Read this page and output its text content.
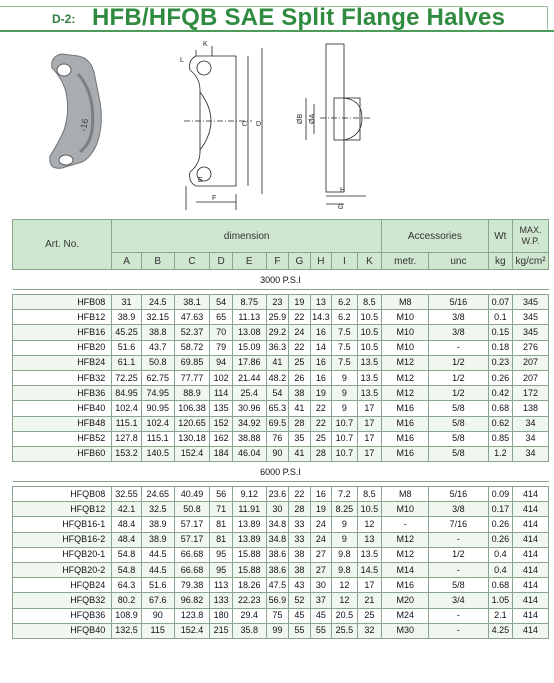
D-2: HFB/HFQB SAE Split Flange Halves
-16
K
L
C D
E
F
ØB ØA
H
G
Art. No.	dimension										Accessories		Wt	MAX. W.P.
	A	B	C	D	E	F	G	H	I	K	metr.	unc	kg	kg/cm²
3000 P.S.I														

HFB08	31	24.5	38.1	54	8.75	23	19	13	6.2	8.5	M8	5/16	0.07	345
HFB12	38.9	32.15	47.63	65	11.13	25.9	22	14.3	6.2	10.5	M10	3/8	0.1	345
HFB16	45.25	38.8	52.37	70	13.08	29.2	24	16	7.5	10.5	M10	3/8	0.15	345
HFB20	51.6	43.7	58.72	79	15.09	36.3	22	14	7.5	10.5	M10	-	0.18	276
HFB24	61.1	50.8	69.85	94	17.86	41	25	16	7.5	13.5	M12	1/2	0.23	207
HFB32	72.25	62.75	77.77	102	21.44	48.2	26	16	9	13.5	M12	1/2	0.26	207
HFB36	84.95	74.95	88.9	114	25.4	54	38	19	9	13.5	M12	1/2	0.42	172
HFB40	102.4	90.95	106.38	135	30.96	65.3	41	22	9	17	M16	5/8	0.68	138
HFB48	115.1	102.4	120.65	152	34.92	69.5	28	22	10.7	17	M16	5/8	0.62	34
HFB52	127.8	115.1	130.18	162	38.88	76	35	25	10.7	17	M16	5/8	0.85	34
HFB60	153.2	140.5	152.4	184	46.04	90	41	28	10.7	17	M16	5/8	1.2	34
6000 P.S.I														

HFQB08	32.55	24.65	40.49	56	9.12	23.6	22	16	7.2	8.5	M8	5/16	0.09	414
HFQB12	42.1	32.5	50.8	71	11.91	30	28	19	8.25	10.5	M10	3/8	0.17	414
HFQB16-1	48.4	38.9	57.17	81	13.89	34.8	33	24	9	12	-	7/16	0.26	414
HFQB16-2	48.4	38.9	57.17	81	13.89	34.8	33	24	9	13	M12	-	0.26	414
HFQB20-1	54.8	44.5	66.68	95	15.88	38.6	38	27	9.8	13.5	M12	1/2	0.4	414
HFQB20-2	54.8	44.5	66.68	95	15.88	38.6	38	27	9.8	14.5	M14	-	0.4	414
HFQB24	64.3	51.6	79.38	113	18.26	47.5	43	30	12	17	M16	5/8	0.68	414
HFQB32	80.2	67.6	96.82	133	22.23	56.9	52	37	12	21	M20	3/4	1.05	414
HFQB36	108.9	90	123.8	180	29.4	75	45	45	20.5	25	M24	-	2.1	414
HFQB40	132.5	115	152.4	215	35.8	99	55	55	25.5	32	M30	-	4.25	414
